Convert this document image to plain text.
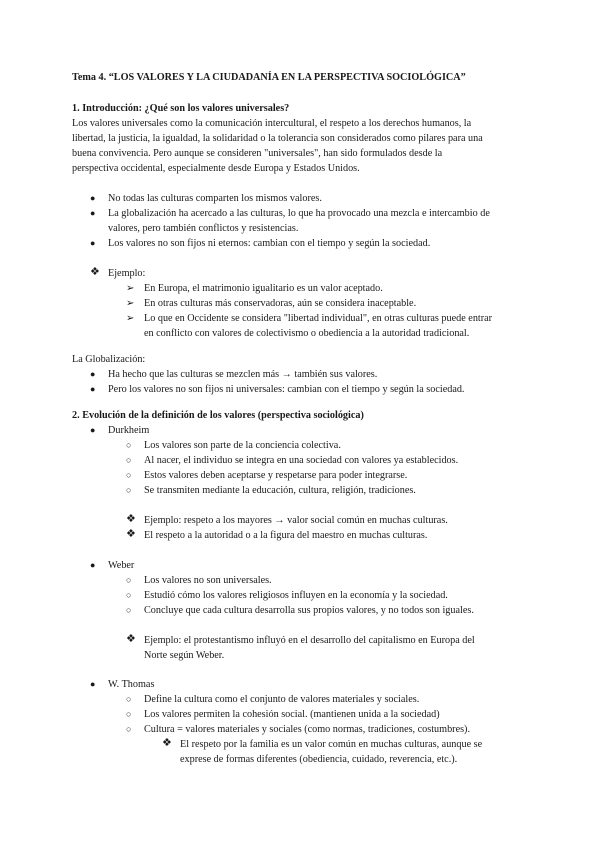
Tema 4. “LOS VALORES Y LA CIUDADANÍA EN LA PERSPECTIVA SOCIOLÓGICA”
1. Introducción: ¿Qué son los valores universales?
Los valores universales como la comunicación intercultural, el respeto a los derechos humanos, la
libertad, la justicia, la igualdad, la solidaridad o la tolerancia son considerados como pilares para una
buena convivencia. Pero aunque se consideren "universales", han sido formulados desde la
perspectiva occidental, especialmente desde Europa y Estados Unidos.
● No todas las culturas comparten los mismos valores.
● La globalización ha acercado a las culturas, lo que ha provocado una mezcla e intercambio de
valores, pero también conflictos y resistencias.
● Los valores no son fijos ni eternos: cambian con el tiempo y según la sociedad.
❖ Ejemplo:
➢ En Europa, el matrimonio igualitario es un valor aceptado.
➢ En otras culturas más conservadoras, aún se considera inaceptable.
➢ Lo que en Occidente se considera "libertad individual", en otras culturas puede entrar
en conflicto con valores de colectivismo o obediencia a la autoridad tradicional.
La Globalización:
● Ha hecho que las culturas se mezclen más → también sus valores.
● Pero los valores no son fijos ni universales: cambian con el tiempo y según la sociedad.
2. Evolución de la definición de los valores (perspectiva sociológica)
● Durkheim
○ Los valores son parte de la conciencia colectiva.
○ Al nacer, el individuo se integra en una sociedad con valores ya establecidos.
○ Estos valores deben aceptarse y respetarse para poder integrarse.
○ Se transmiten mediante la educación, cultura, religión, tradiciones.
❖ Ejemplo: respeto a los mayores → valor social común en muchas culturas.
❖ El respeto a la autoridad o a la figura del maestro en muchas culturas.
● Weber
○ Los valores no son universales.
○ Estudió cómo los valores religiosos influyen en la economía y la sociedad.
○ Concluye que cada cultura desarrolla sus propios valores, y no todos son iguales.
❖ Ejemplo: el protestantismo influyó en el desarrollo del capitalismo en Europa del
Norte según Weber.
● W. Thomas
○ Define la cultura como el conjunto de valores materiales y sociales.
○ Los valores permiten la cohesión social. (mantienen unida a la sociedad)
○ Cultura = valores materiales y sociales (como normas, tradiciones, costumbres).
❖ El respeto por la familia es un valor común en muchas culturas, aunque se
exprese de formas diferentes (obediencia, cuidado, reverencia, etc.).
